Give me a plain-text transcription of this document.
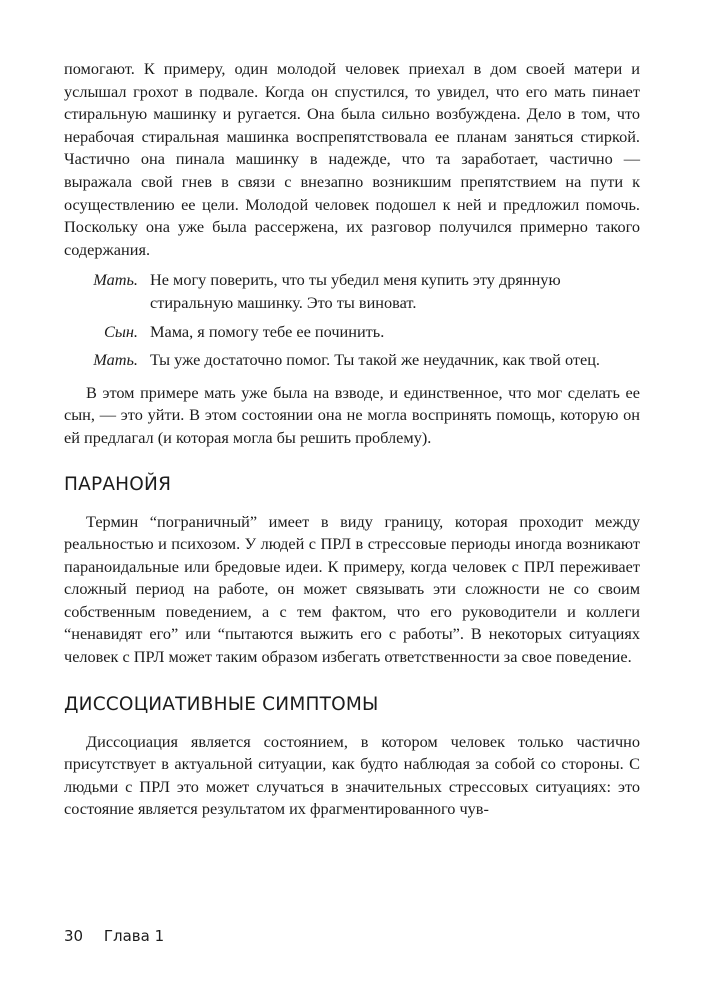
помогают. К примеру, один молодой человек приехал в дом своей матери и услышал грохот в подвале. Когда он спустился, то увидел, что его мать пинает стиральную машинку и ругается. Она была сильно возбуждена. Дело в том, что нерабочая стиральная машинка воспрепятствовала ее планам заняться стиркой. Частично она пинала машинку в надежде, что та заработает, частично — выражала свой гнев в связи с внезапно возникшим препятствием на пути к осуществлению ее цели. Молодой человек подошел к ней и предложил помочь. Поскольку она уже была рассержена, их разговор получился примерно такого содержания.

Мать. Не могу поверить, что ты убедил меня купить эту дрянную стиральную машинку. Это ты виноват.
Сын. Мама, я помогу тебе ее починить.
Мать. Ты уже достаточно помог. Ты такой же неудачник, как твой отец.

В этом примере мать уже была на взводе, и единственное, что мог сделать ее сын, — это уйти. В этом состоянии она не могла воспринять помощь, которую он ей предлагал (и которая могла бы решить проблему).

ПАРАНОЙЯ

Термин “пограничный” имеет в виду границу, которая проходит между реальностью и психозом. У людей с ПРЛ в стрессовые периоды иногда возникают параноидальные или бредовые идеи. К примеру, когда человек с ПРЛ переживает сложный период на работе, он может связывать эти сложности не со своим собственным поведением, а с тем фактом, что его руководители и коллеги “ненавидят его” или “пытаются выжить его с работы”. В некоторых ситуациях человек с ПРЛ может таким образом избегать ответственности за свое поведение.

ДИССОЦИАТИВНЫЕ СИМПТОМЫ

Диссоциация является состоянием, в котором человек только частично присутствует в актуальной ситуации, как будто наблюдая за собой со стороны. С людьми с ПРЛ это может случаться в значительных стрессовых ситуациях: это состояние является результатом их фрагментированного чув-

30 Глава 1
